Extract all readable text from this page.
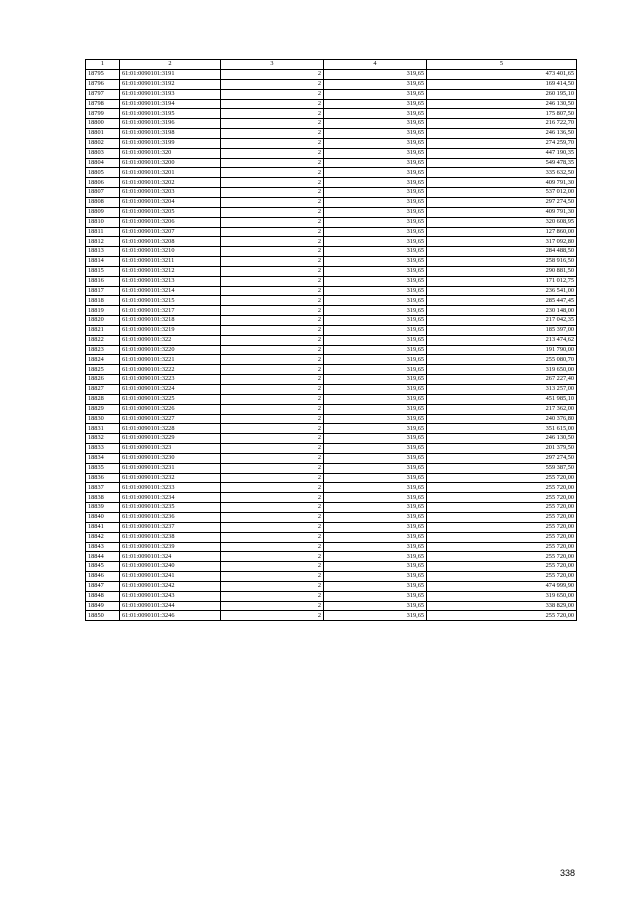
1	2	3	4	5
18795	61:01:0090101:3191	2	319,65	473 401,65
18796	61:01:0090101:3192	2	319,65	169 414,50
18797	61:01:0090101:3193	2	319,65	260 195,10
18798	61:01:0090101:3194	2	319,65	246 130,50
18799	61:01:0090101:3195	2	319,65	175 807,50
18800	61:01:0090101:3196	2	319,65	216 722,70
18801	61:01:0090101:3198	2	319,65	246 136,50
18802	61:01:0090101:3199	2	319,65	274 259,70
18803	61:01:0090101:320	2	319,65	447 190,35
18804	61:01:0090101:3200	2	319,65	549 478,35
18805	61:01:0090101:3201	2	319,65	335 632,50
18806	61:01:0090101:3202	2	319,65	409 791,30
18807	61:01:0090101:3203	2	319,65	537 012,00
18808	61:01:0090101:3204	2	319,65	297 274,50
18809	61:01:0090101:3205	2	319,65	409 791,30
18810	61:01:0090101:3206	2	319,65	320 608,95
18811	61:01:0090101:3207	2	319,65	127 860,00
18812	61:01:0090101:3208	2	319,65	317 092,80
18813	61:01:0090101:3210	2	319,65	284 488,50
18814	61:01:0090101:3211	2	319,65	258 916,50
18815	61:01:0090101:3212	2	319,65	290 881,50
18816	61:01:0090101:3213	2	319,65	171 012,75
18817	61:01:0090101:3214	2	319,65	236 541,00
18818	61:01:0090101:3215	2	319,65	285 447,45
18819	61:01:0090101:3217	2	319,65	230 148,00
18820	61:01:0090101:3218	2	319,65	217 042,35
18821	61:01:0090101:3219	2	319,65	185 397,00
18822	61:01:0090101:322	2	319,65	213 474,62
18823	61:01:0090101:3220	2	319,65	191 790,00
18824	61:01:0090101:3221	2	319,65	255 080,70
18825	61:01:0090101:3222	2	319,65	319 650,00
18826	61:01:0090101:3223	2	319,65	267 227,40
18827	61:01:0090101:3224	2	319,65	313 257,00
18828	61:01:0090101:3225	2	319,65	451 985,10
18829	61:01:0090101:3226	2	319,65	217 362,00
18830	61:01:0090101:3227	2	319,65	240 376,80
18831	61:01:0090101:3228	2	319,65	351 615,00
18832	61:01:0090101:3229	2	319,65	246 130,50
18833	61:01:0090101:323	2	319,65	201 379,50
18834	61:01:0090101:3230	2	319,65	297 274,50
18835	61:01:0090101:3231	2	319,65	559 387,50
18836	61:01:0090101:3232	2	319,65	255 720,00
18837	61:01:0090101:3233	2	319,65	255 720,00
18838	61:01:0090101:3234	2	319,65	255 720,00
18839	61:01:0090101:3235	2	319,65	255 720,00
18840	61:01:0090101:3236	2	319,65	255 720,00
18841	61:01:0090101:3237	2	319,65	255 720,00
18842	61:01:0090101:3238	2	319,65	255 720,00
18843	61:01:0090101:3239	2	319,65	255 720,00
18844	61:01:0090101:324	2	319,65	255 720,00
18845	61:01:0090101:3240	2	319,65	255 720,00
18846	61:01:0090101:3241	2	319,65	255 720,00
18847	61:01:0090101:3242	2	319,65	474 999,90
18848	61:01:0090101:3243	2	319,65	319 650,00
18849	61:01:0090101:3244	2	319,65	338 829,00
18850	61:01:0090101:3246	2	319,65	255 720,00
338
